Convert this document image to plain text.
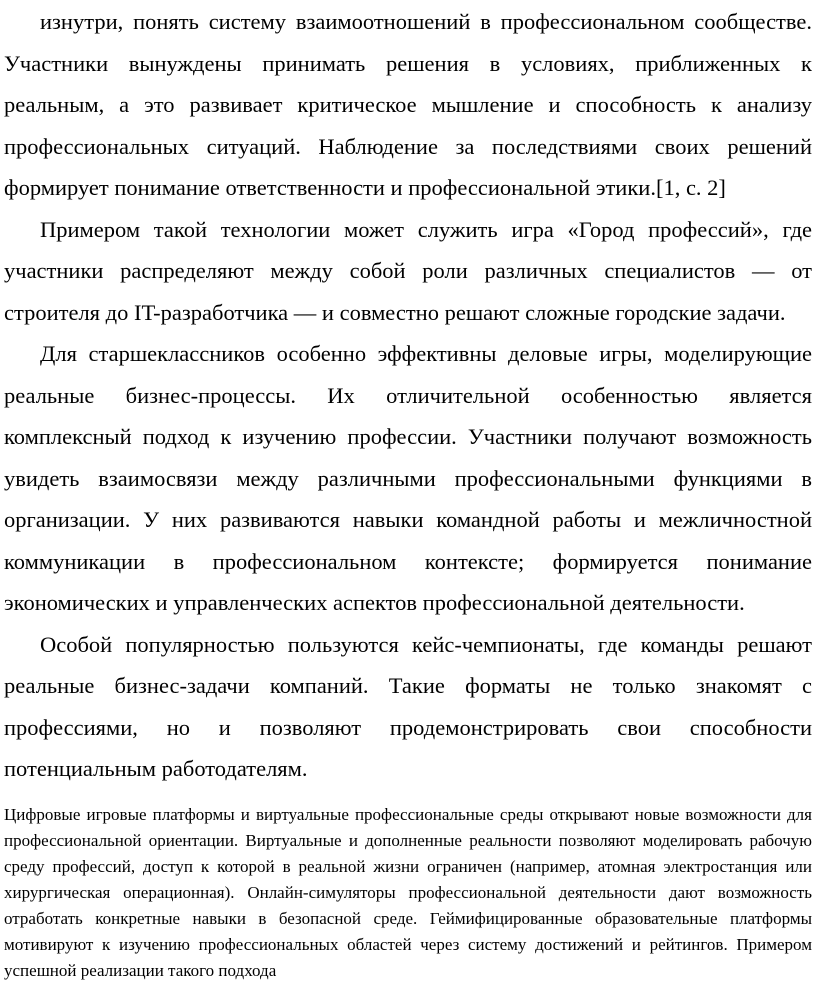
изнутри, понять систему взаимоотношений в профессиональном сообществе. Участники вынуждены принимать решения в условиях, приближенных к реальным, а это развивает критическое мышление и способность к анализу профессиональных ситуаций. Наблюдение за последствиями своих решений формирует понимание ответственности и профессиональной этики.[1, с. 2]

Примером такой технологии может служить игра «Город профессий», где участники распределяют между собой роли различных специалистов — от строителя до IT-разработчика — и совместно решают сложные городские задачи.

Для старшеклассников особенно эффективны деловые игры, моделирующие реальные бизнес-процессы. Их отличительной особенностью является комплексный подход к изучению профессии. Участники получают возможность увидеть взаимосвязи между различными профессиональными функциями в организации. У них развиваются навыки командной работы и межличностной коммуникации в профессиональном контексте; формируется понимание экономических и управленческих аспектов профессиональной деятельности.

Особой популярностью пользуются кейс-чемпионаты, где команды решают реальные бизнес-задачи компаний. Такие форматы не только знакомят с профессиями, но и позволяют продемонстрировать свои способности потенциальным работодателям.

Цифровые игровые платформы и виртуальные профессиональные среды открывают новые возможности для профессиональной ориентации. Виртуальные и дополненные реальности позволяют моделировать рабочую среду профессий, доступ к которой в реальной жизни ограничен (например, атомная электростанция или хирургическая операционная). Онлайн-симуляторы профессиональной деятельности дают возможность отработать конкретные навыки в безопасной среде. Геймифицированные образовательные платформы мотивируют к изучению профессиональных областей через систему достижений и рейтингов. Примером успешной реализации такого подхода
